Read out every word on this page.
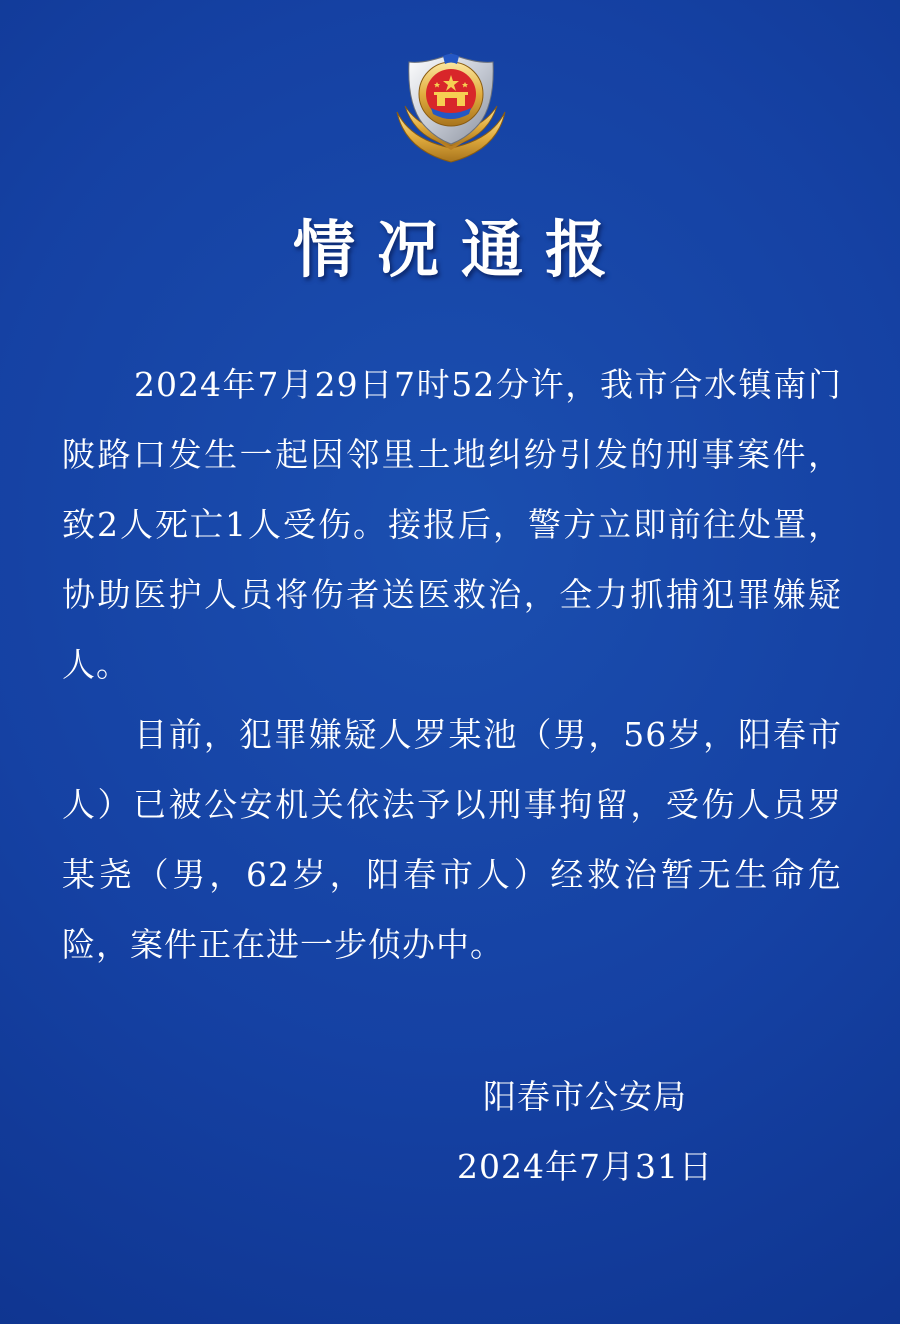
情况通报

2024年7月29日7时52分许，我市合水镇南门陂路口发生一起因邻里土地纠纷引发的刑事案件，致2人死亡1人受伤。接报后，警方立即前往处置，协助医护人员将伤者送医救治，全力抓捕犯罪嫌疑人。

目前，犯罪嫌疑人罗某池（男，56岁，阳春市人）已被公安机关依法予以刑事拘留，受伤人员罗某尧（男，62岁，阳春市人）经救治暂无生命危险，案件正在进一步侦办中。

阳春市公安局
2024年7月31日
